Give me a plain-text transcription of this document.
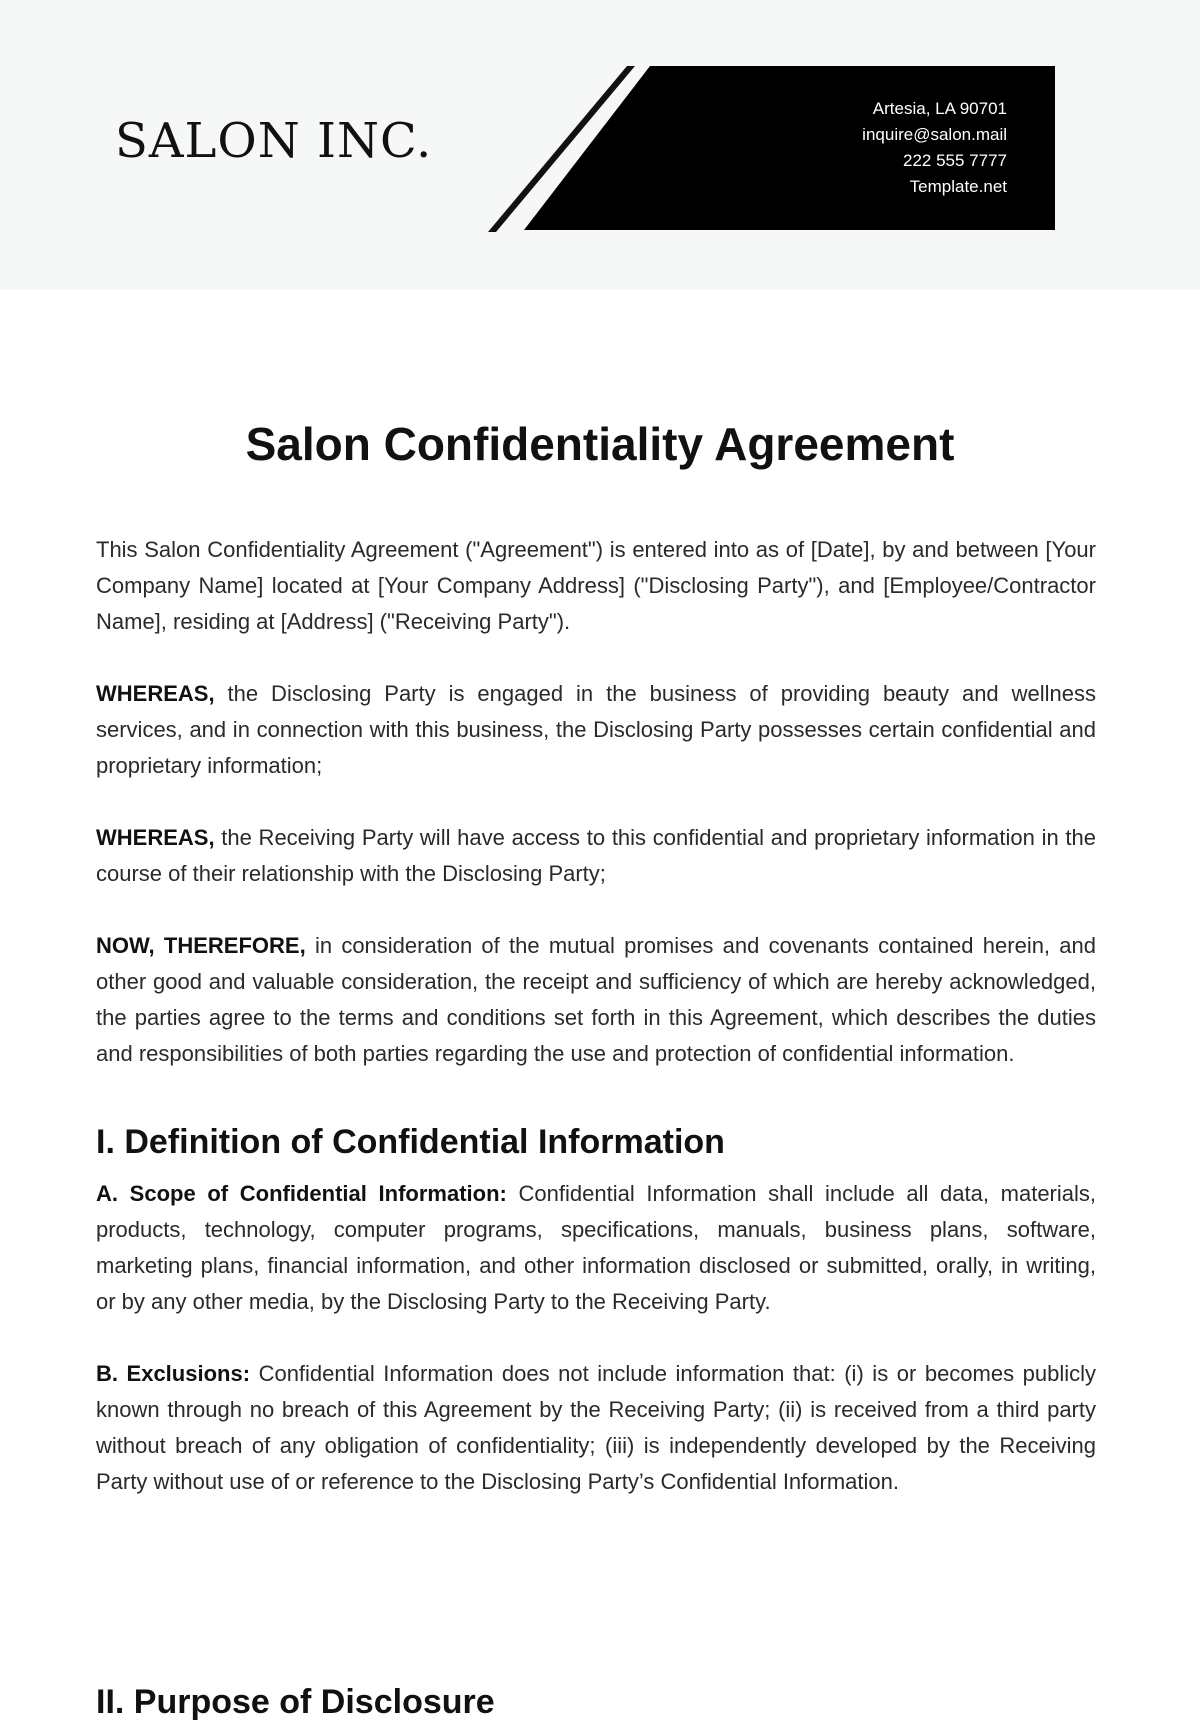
SALON INC.
Artesia, LA 90701
inquire@salon.mail
222 555 7777
Template.net
Salon Confidentiality Agreement

This Salon Confidentiality Agreement ("Agreement") is entered into as of [Date], by and between [Your Company Name] located at [Your Company Address] ("Disclosing Party"), and [Employee/Contractor Name], residing at [Address] ("Receiving Party").

WHEREAS, the Disclosing Party is engaged in the business of providing beauty and wellness services, and in connection with this business, the Disclosing Party possesses certain confidential and proprietary information;

WHEREAS, the Receiving Party will have access to this confidential and proprietary information in the course of their relationship with the Disclosing Party;

NOW, THEREFORE, in consideration of the mutual promises and covenants contained herein, and other good and valuable consideration, the receipt and sufficiency of which are hereby acknowledged, the parties agree to the terms and conditions set forth in this Agreement, which describes the duties and responsibilities of both parties regarding the use and protection of confidential information.

I. Definition of Confidential Information

A. Scope of Confidential Information: Confidential Information shall include all data, materials, products, technology, computer programs, specifications, manuals, business plans, software, marketing plans, financial information, and other information disclosed or submitted, orally, in writing, or by any other media, by the Disclosing Party to the Receiving Party.

B. Exclusions: Confidential Information does not include information that: (i) is or becomes publicly known through no breach of this Agreement by the Receiving Party; (ii) is received from a third party without breach of any obligation of confidentiality; (iii) is independently developed by the Receiving Party without use of or reference to the Disclosing Party’s Confidential Information.

II. Purpose of Disclosure
